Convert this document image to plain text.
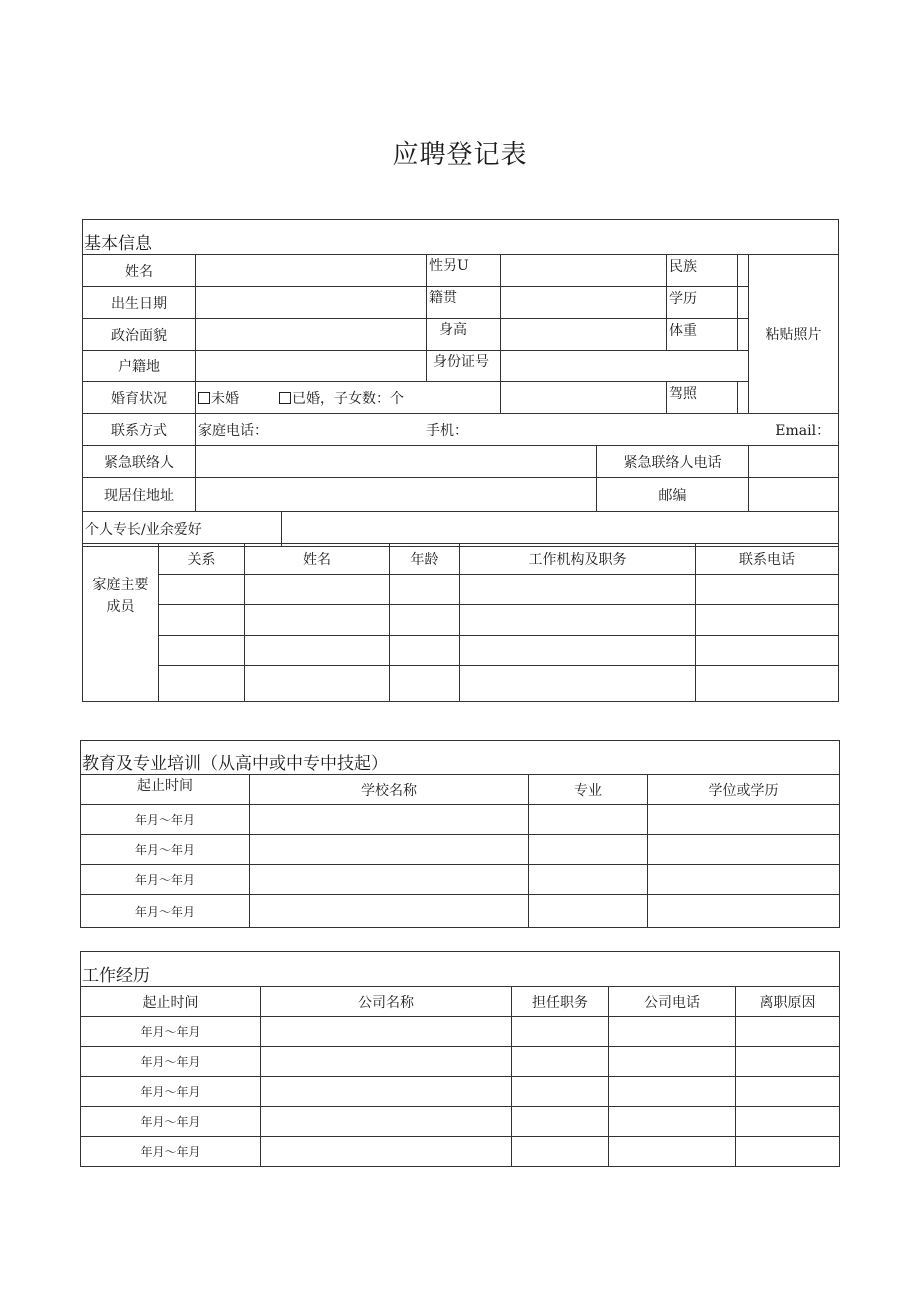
应聘登记表
基本信息							
姓名			性另U			民族	粘贴照片
出生日期			籍贯			学历	

政治面貌			身高			体重	

户籍地			身份证号				
婚育状况	未婚 已婚，子女数：个					驾照	

联系方式	家庭电话： 手机： Email：						

紧急联络人					紧急联络人电话		
现居住地址					邮编		
个人专长/业余爱好							
家庭主要成员	关系	姓名	年龄	工作机构及职务	联系电话

教育及专业培训（从高中或中专中技起）			
起止时间	学校名称	专业	学位或学历
年月～年月			
年月～年月			
年月～年月			
年月～年月			
工作经历				
起止时间	公司名称	担任职务	公司电话	离职原因
年月～年月				
年月～年月				
年月～年月				
年月～年月				
年月～年月				
